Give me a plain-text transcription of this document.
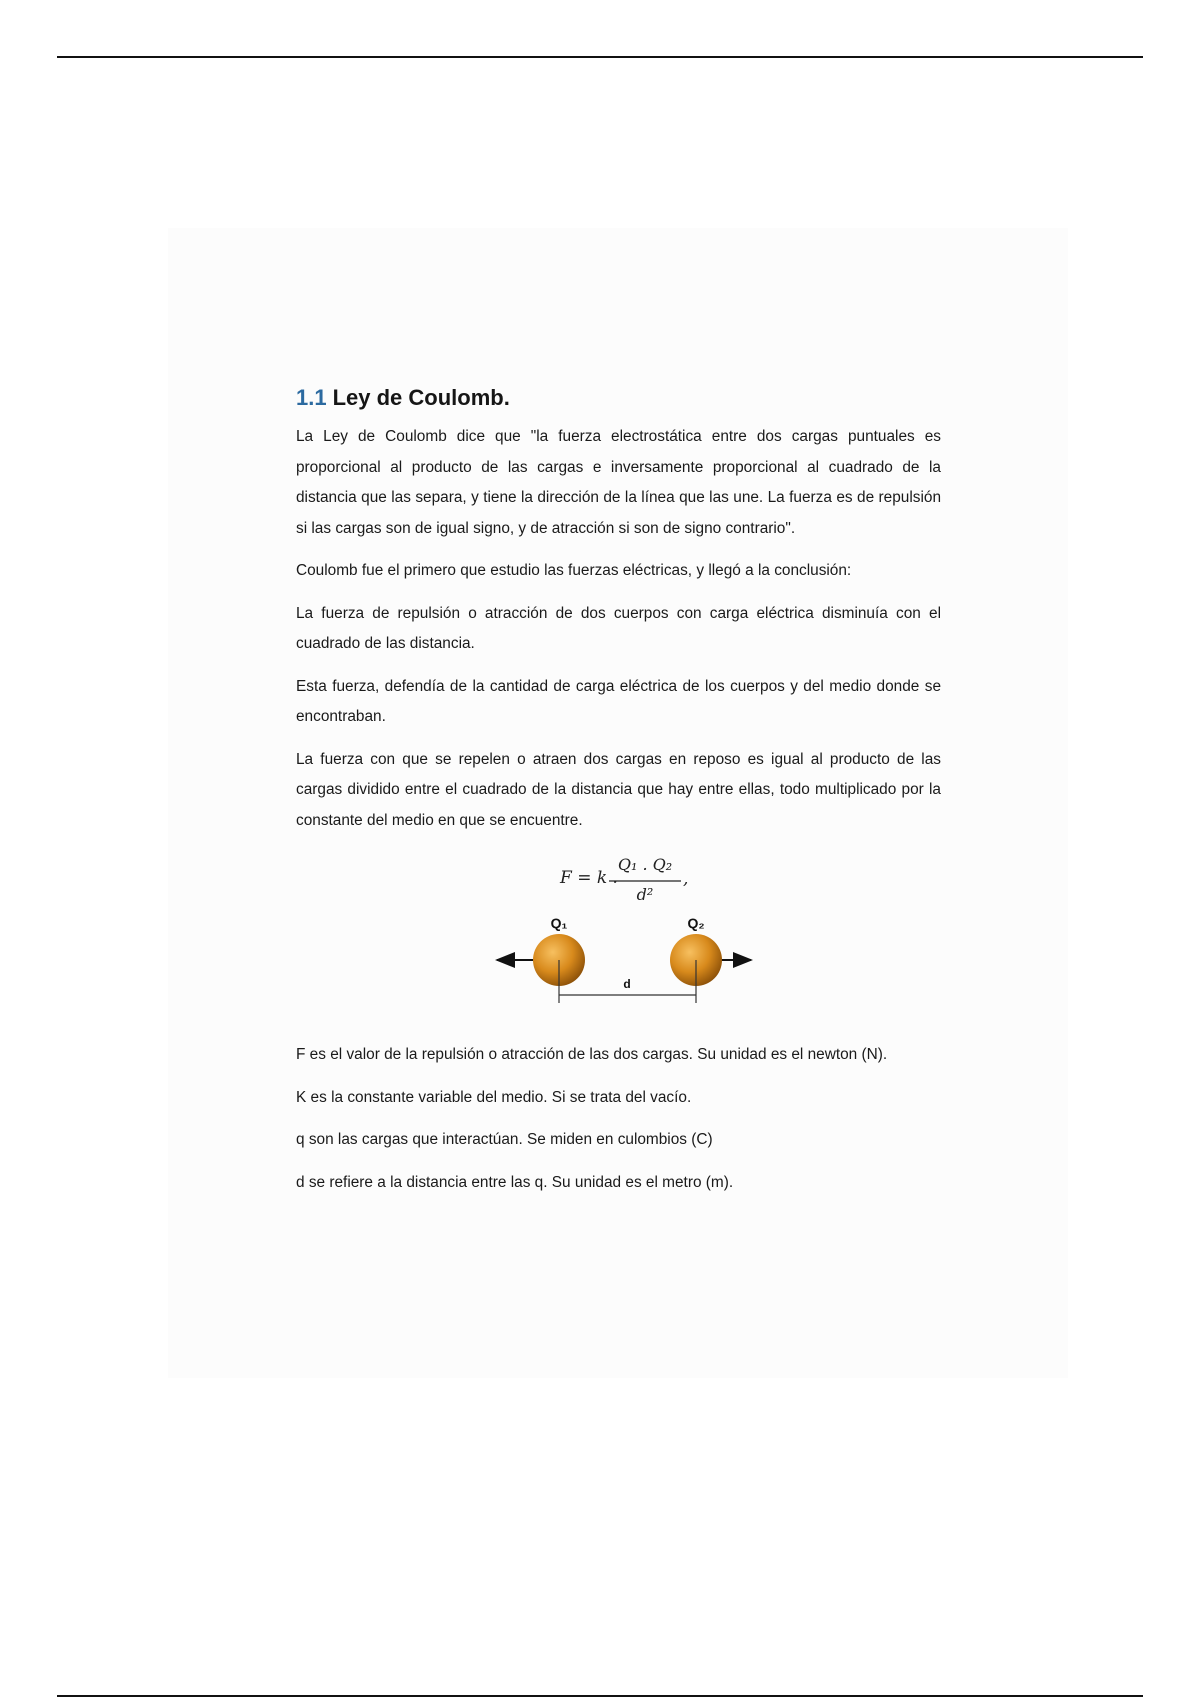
1.1 Ley de Coulomb.

La Ley de Coulomb dice que "la fuerza electrostática entre dos cargas puntuales es proporcional al producto de las cargas e inversamente proporcional al cuadrado de la distancia que las separa, y tiene la dirección de la línea que las une. La fuerza es de repulsión si las cargas son de igual signo, y de atracción si son de signo contrario".

Coulomb fue el primero que estudio las fuerzas eléctricas, y llegó a la conclusión:

La fuerza de repulsión o atracción de dos cuerpos con carga eléctrica disminuía con el cuadrado de las distancia.

Esta fuerza, defendía de la cantidad de carga eléctrica de los cuerpos y del medio donde se encontraban.

La fuerza con que se repelen o atraen dos cargas en reposo es igual al producto de las cargas dividido entre el cuadrado de la distancia que hay entre ellas, todo multiplicado por la constante del medio en que se encuentre.

F = k .
Q₁ . Q₂
d²
,
Q₁	Q₂
d

F es el valor de la repulsión o atracción de las dos cargas. Su unidad es el newton (N).

K es la constante variable del medio. Si se trata del vacío.

q son las cargas que interactúan. Se miden en culombios (C)

d se refiere a la distancia entre las q. Su unidad es el metro (m).
